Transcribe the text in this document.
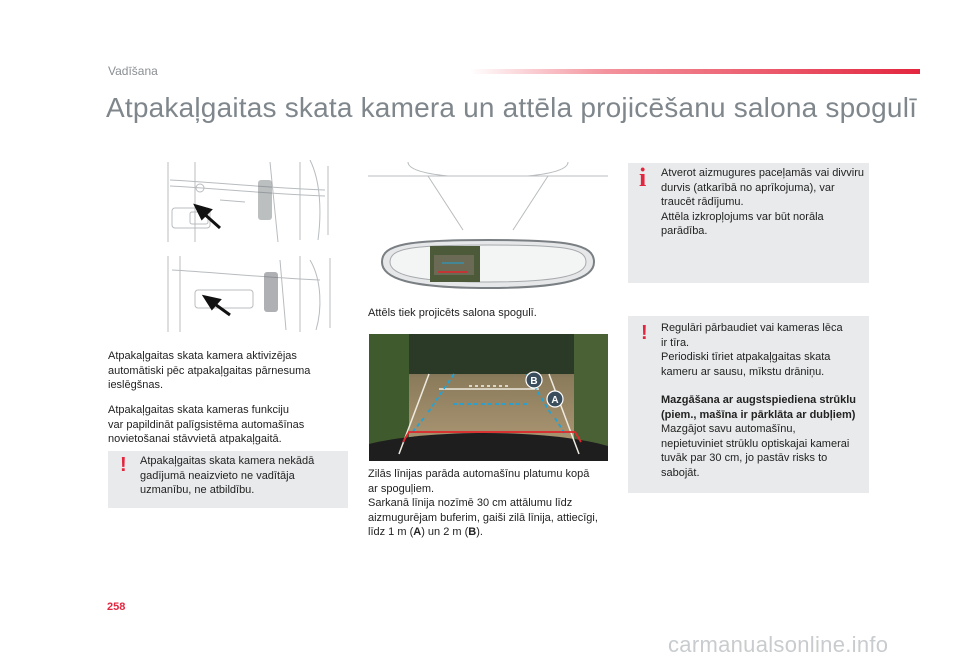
Vadīšana
Atpakaļgaitas skata kamera un attēla projicēšanu salona spogulī
Attēls tiek projicēts salona spogulī.
B
A
Atpakaļgaitas skata kamera aktivizējas
automātiski pēc atpakaļgaitas pārnesuma
ieslēgšnas.
Atpakaļgaitas skata kameras funkciju
var papildināt palīgsistēma automašīnas
novietošanai stāvvietā atpakaļgaitā.
! Atpakaļgaitas skata kamera nekādā
gadījumā neaizvieto ne vadītāja
uzmanību, ne atbildību.
Zilās līnijas parāda automašīnu platumu kopā
ar spoguļiem.
Sarkanā līnija nozīmē 30 cm attālumu līdz
aizmugurējam buferim, gaiši zilā līnija, attiecīgi,
līdz 1 m (A) un 2 m (B).
i Atverot aizmugures paceļamās vai divviru
durvis (atkarībā no aprīkojuma), var
traucēt rādījumu.
Attēla izkropļojums var būt norāla
parādība.
! Regulāri pārbaudiet vai kameras lēca
ir tīra.
Periodiski tīriet atpakaļgaitas skata
kameru ar sausu, mīkstu drāniņu.
Mazgāšana ar augstspiediena strūklu
(piem., mašīna ir pārklāta ar dubļiem)
Mazgājot savu automašīnu,
nepietuviniet strūklu optiskajai kamerai
tuvāk par 30 cm, jo pastāv risks to
sabojāt.
258
carmanualsonline.info
